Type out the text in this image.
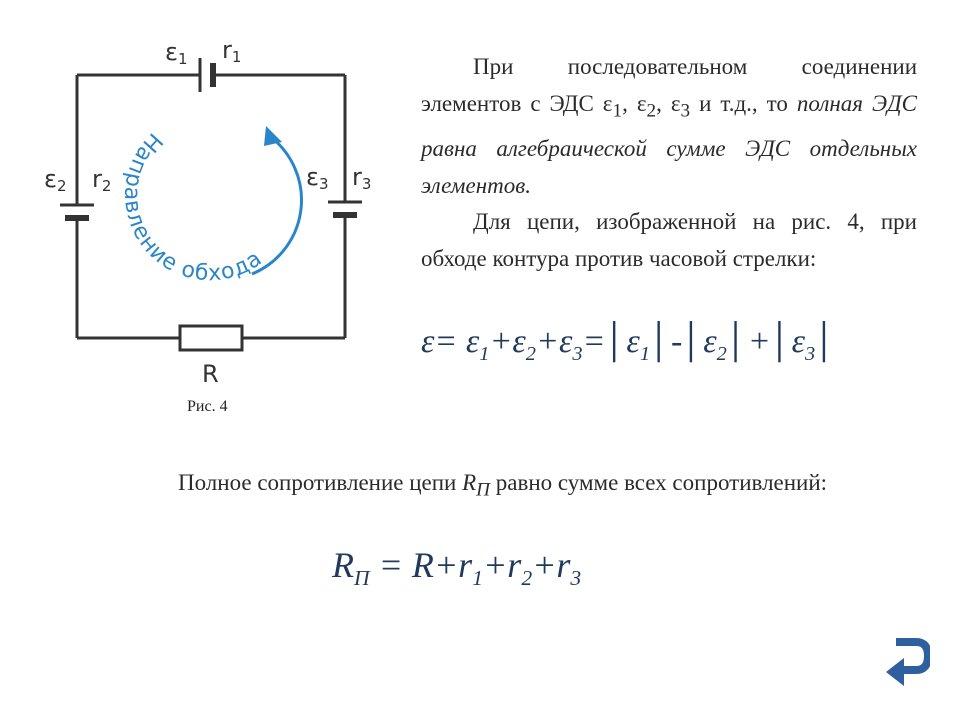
ε1 r1
ε2 r2	ε3 r3
R
Направление обхода
Рис. 4
При последовательном соединении элементов с ЭДС $\varepsilon_1$, $\varepsilon_2$, $\varepsilon_3$ и т.д., то полная ЭДС равна алгебраической сумме ЭДС отдельных элементов.
Для цепи, изображенной на рис. 4, при обходе контура против часовой стрелки:
$\varepsilon= \varepsilon_1+\varepsilon_2+\varepsilon_3=│\varepsilon_1│-│\varepsilon_2│+│\varepsilon_3│$
Полное сопротивление цепи $R_П$ равно сумме всех сопротивлений:
$R_П = R+r_1+r_2+r_3$
